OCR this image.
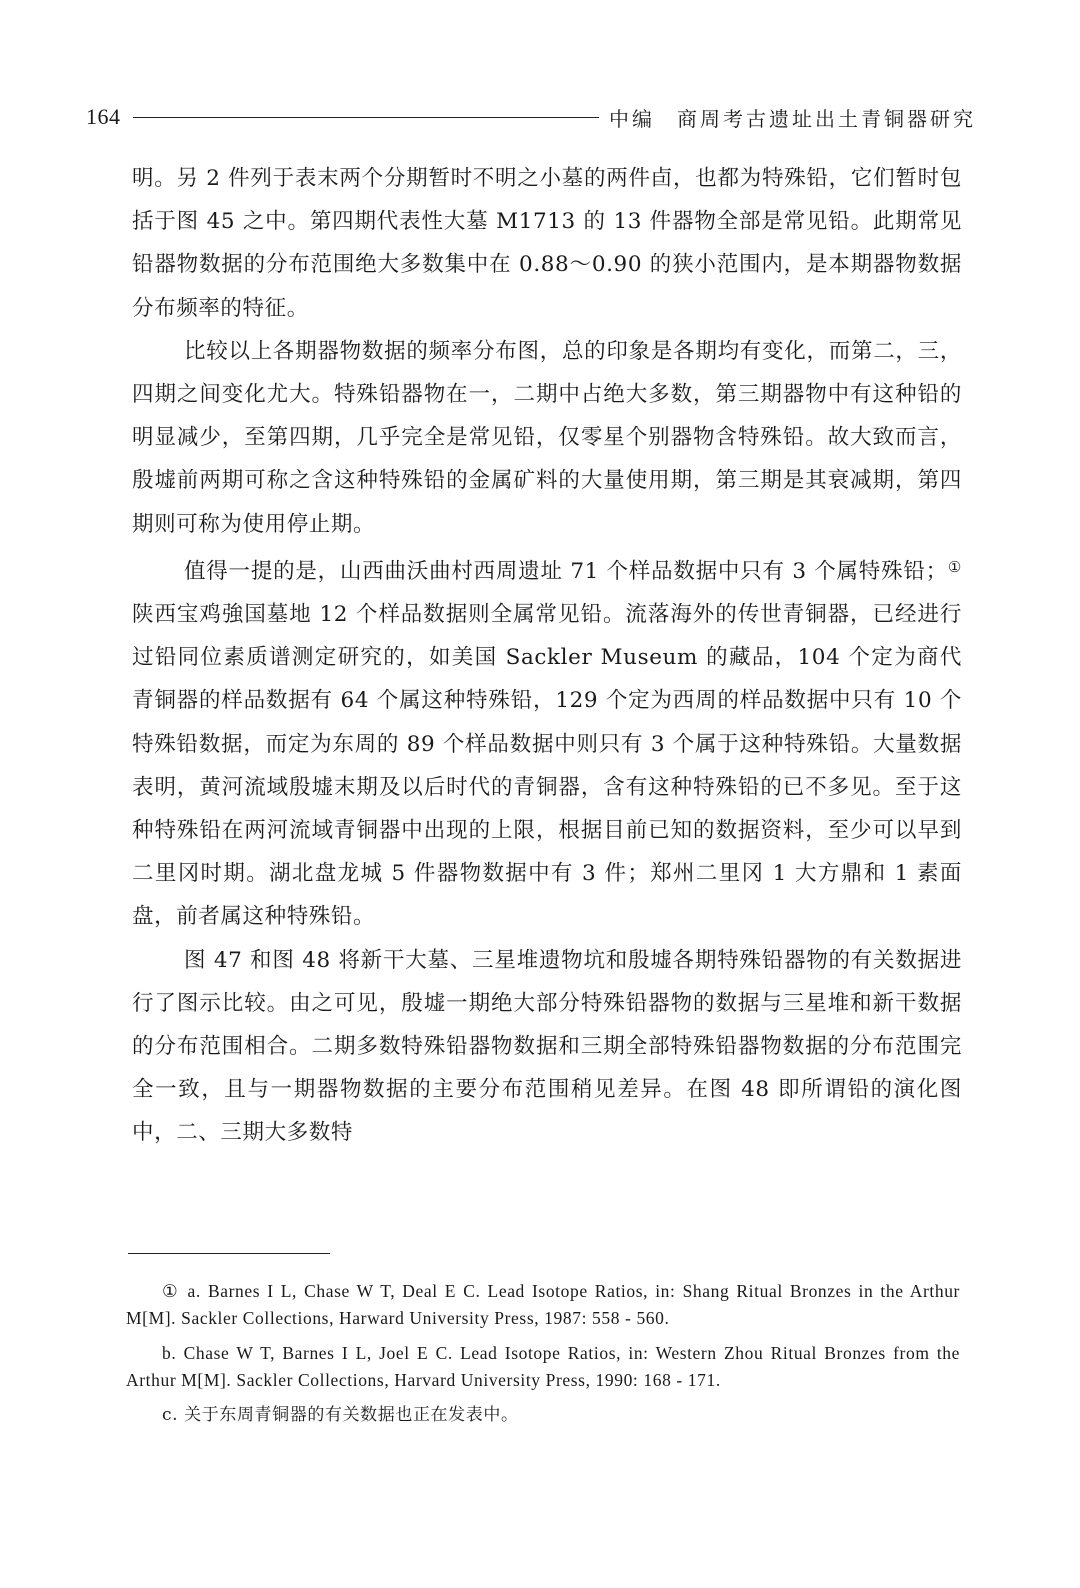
164	中编 商周考古遗址出土青铜器研究

明。另 2 件列于表末两个分期暂时不明之小墓的两件卣，也都为特殊铅，它们暂时包括于图 45 之中。第四期代表性大墓 M1713 的 13 件器物全部是常见铅。此期常见铅器物数据的分布范围绝大多数集中在 0.88～0.90 的狭小范围内，是本期器物数据分布频率的特征。

比较以上各期器物数据的频率分布图，总的印象是各期均有变化，而第二，三，四期之间变化尤大。特殊铅器物在一，二期中占绝大多数，第三期器物中有这种铅的明显减少，至第四期，几乎完全是常见铅，仅零星个别器物含特殊铅。故大致而言，殷墟前两期可称之含这种特殊铅的金属矿料的大量使用期，第三期是其衰减期，第四期则可称为使用停止期。

值得一提的是，山西曲沃曲村西周遗址 71 个样品数据中只有 3 个属特殊铅；①陕西宝鸡強国墓地 12 个样品数据则全属常见铅。流落海外的传世青铜器，已经进行过铅同位素质谱测定研究的，如美国 Sackler Museum 的藏品，104 个定为商代青铜器的样品数据有 64 个属这种特殊铅，129 个定为西周的样品数据中只有 10 个特殊铅数据，而定为东周的 89 个样品数据中则只有 3 个属于这种特殊铅。大量数据表明，黄河流域殷墟末期及以后时代的青铜器，含有这种特殊铅的已不多见。至于这种特殊铅在两河流域青铜器中出现的上限，根据目前已知的数据资料，至少可以早到二里冈时期。湖北盘龙城 5 件器物数据中有 3 件；郑州二里冈 1 大方鼎和 1 素面盘，前者属这种特殊铅。

图 47 和图 48 将新干大墓、三星堆遗物坑和殷墟各期特殊铅器物的有关数据进行了图示比较。由之可见，殷墟一期绝大部分特殊铅器物的数据与三星堆和新干数据的分布范围相合。二期多数特殊铅器物数据和三期全部特殊铅器物数据的分布范围完全一致，且与一期器物数据的主要分布范围稍见差异。在图 48 即所谓铅的演化图中，二、三期大多数特

① a. Barnes I L, Chase W T, Deal E C. Lead Isotope Ratios, in: Shang Ritual Bronzes in the Arthur M[M]. Sackler Collections, Harward University Press, 1987: 558 - 560.

b. Chase W T, Barnes I L, Joel E C. Lead Isotope Ratios, in: Western Zhou Ritual Bronzes from the Arthur M[M]. Sackler Collections, Harvard University Press, 1990: 168 - 171.

c. 关于东周青铜器的有关数据也正在发表中。
